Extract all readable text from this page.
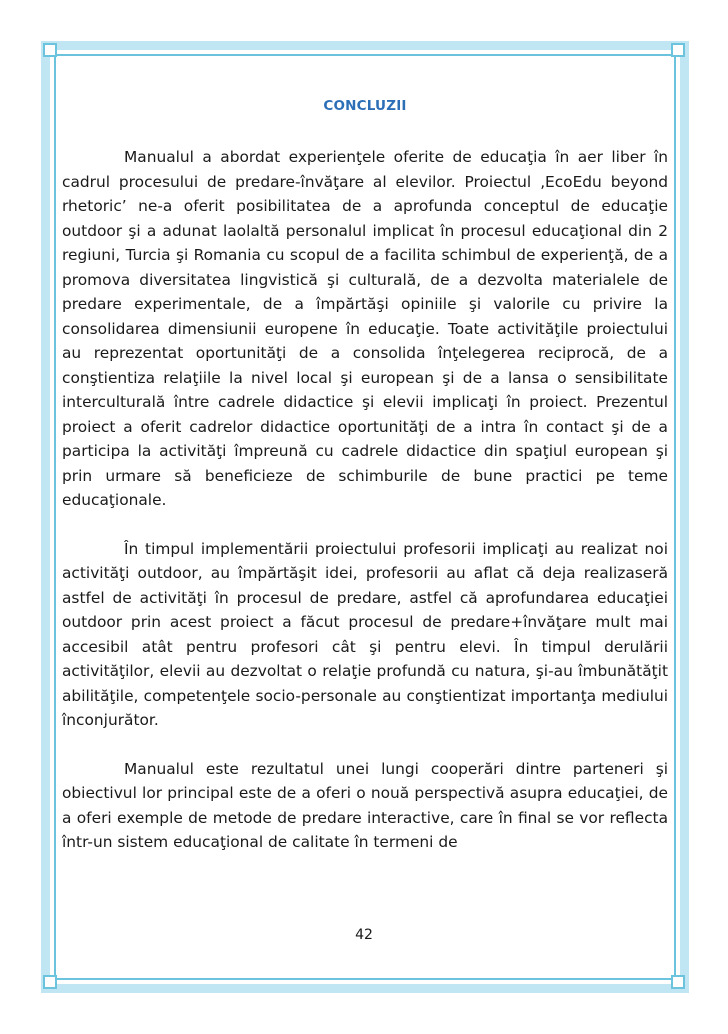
CONCLUZII

Manualul a abordat experienţele oferite de educaţia în aer liber în cadrul procesului de predare-învăţare al elevilor. Proiectul ‚EcoEdu beyond rhetoric’ ne-a oferit posibilitatea de a aprofunda conceptul de educaţie outdoor şi a adunat laolaltă personalul implicat în procesul educaţional din 2 regiuni, Turcia şi Romania cu scopul de a facilita schimbul de experienţă, de a promova diversitatea lingvistică şi culturală, de a dezvolta materialele de predare experimentale, de a împărtăşi opiniile şi valorile cu privire la consolidarea dimensiunii europene în educaţie. Toate activităţile proiectului au reprezentat oportunităţi de a consolida înţelegerea reciprocă, de a conştientiza relaţiile la nivel local şi european şi de a lansa o sensibilitate interculturală între cadrele didactice şi elevii implicaţi în proiect. Prezentul proiect a oferit cadrelor didactice oportunităţi de a intra în contact şi de a participa la activităţi împreună cu cadrele didactice din spaţiul european şi prin urmare să beneficieze de schimburile de bune practici pe teme educaţionale.

În timpul implementării proiectului profesorii implicaţi au realizat noi activităţi outdoor, au împărtăşit idei, profesorii au aflat că deja realizaseră astfel de activităţi în procesul de predare, astfel că aprofundarea educaţiei outdoor prin acest proiect a făcut procesul de predare+învăţare mult mai accesibil atât pentru profesori cât şi pentru elevi. În timpul derulării activităţilor, elevii au dezvoltat o relaţie profundă cu natura, şi-au îmbunătăţit abilităţile, competenţele socio-personale au conştientizat importanţa mediului înconjurător.

Manualul este rezultatul unei lungi cooperări dintre parteneri şi obiectivul lor principal este de a oferi o nouă perspectivă asupra educaţiei, de a oferi exemple de metode de predare interactive, care în final se vor reflecta într-un sistem educaţional de calitate în termeni de

42
